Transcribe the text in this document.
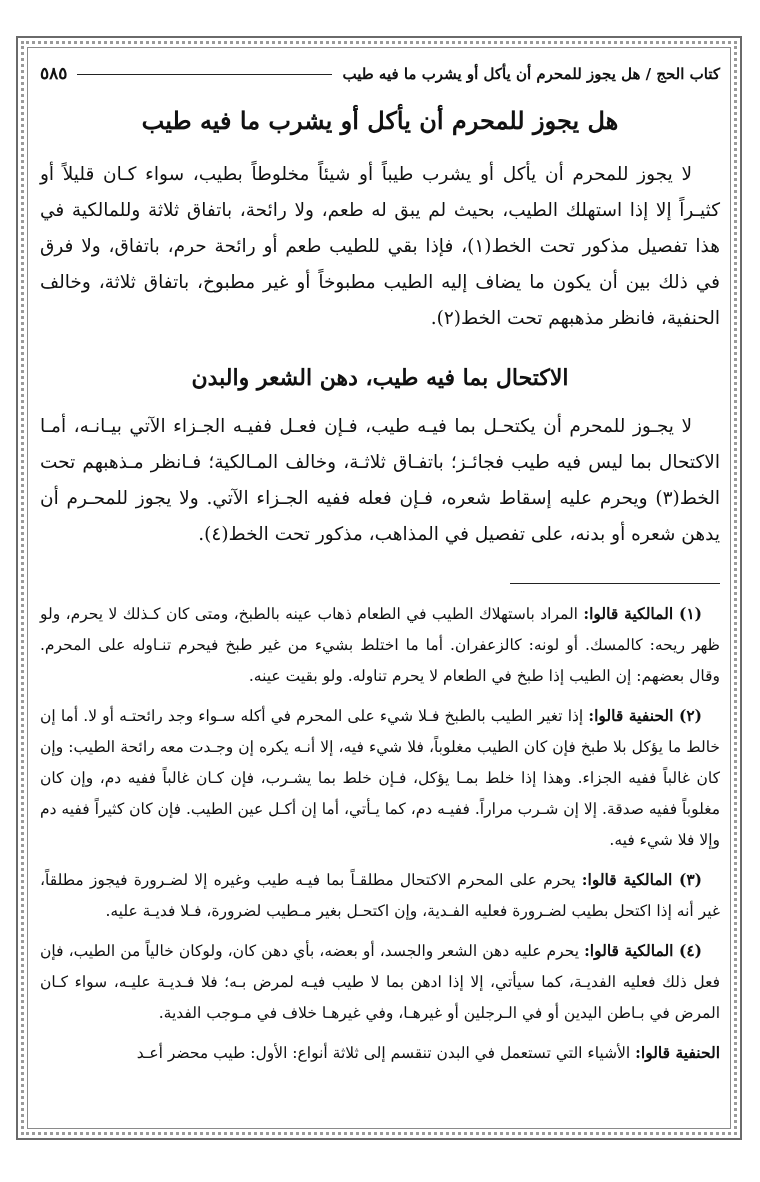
كتاب الحج / هل يجوز للمحرم أن يأكل أو يشرب ما فيه طيب
٥٨٥
هل يجوز للمحرم أن يأكل أو يشرب ما فيه طيب

لا يجوز للمحرم أن يأكل أو يشرب طيباً أو شيئاً مخلوطاً بطيب، سواء كـان قليلاً أو كثيـراً إلا إذا استهلك الطيب، بحيث لم يبق له طعم، ولا رائحة، باتفاق ثلاثة وللمالكية في هذا تفصيل مذكور تحت الخط(١)، فإذا بقي للطيب طعم أو رائحة حرم، باتفاق، ولا فرق في ذلك بين أن يكون ما يضاف إليه الطيب مطبوخاً أو غير مطبوخ، باتفاق ثلاثة، وخالف الحنفية، فانظر مذهبهم تحت الخط(٢).

الاكتحال بما فيه طيب، دهن الشعر والبدن

لا يجـوز للمحرم أن يكتحـل بما فيـه طيب، فـإن فعـل ففيـه الجـزاء الآتي بيـانـه، أمـا الاكتحال بما ليس فيه طيب فجائـز؛ باتفـاق ثلاثـة، وخالف المـالكية؛ فـانظر مـذهبهم تحت الخط(٣) ويحرم عليه إسقاط شعره، فـإن فعله ففيه الجـزاء الآتي. ولا يجوز للمحـرم أن يدهن شعره أو بدنه، على تفصيل في المذاهب، مذكور تحت الخط(٤).

(١) المالكية قالوا: المراد باستهلاك الطيب في الطعام ذهاب عينه بالطبخ، ومتى كان كـذلك لا يحرم، ولو ظهر ريحه: كالمسك. أو لونه: كالزعفران. أما ما اختلط بشيء من غير طبخ فيحرم تنـاوله على المحرم. وقال بعضهم: إن الطيب إذا طبخ في الطعام لا يحرم تناوله. ولو بقيت عينه.

(٢) الحنفية قالوا: إذا تغير الطيب بالطبخ فـلا شيء على المحرم في أكله سـواء وجد رائحتـه أو لا. أما إن خالط ما يؤكل بلا طبخ فإن كان الطيب مغلوباً، فلا شيء فيه، إلا أنـه يكره إن وجـدت معه رائحة الطيب: وإن كان غالباً ففيه الجزاء. وهذا إذا خلط بمـا يؤكل، فـإن خلط بما يشـرب، فإن كـان غالباً ففيه دم، وإن كان مغلوباً ففيه صدقة. إلا إن شـرب مراراً. ففيـه دم، كما يـأتي، أما إن أكـل عين الطيب. فإن كان كثيراً ففيه دم وإلا فلا شيء فيه.

(٣) المالكية قالوا: يحرم على المحرم الاكتحال مطلقـاً بما فيـه طيب وغيره إلا لضـرورة فيجوز مطلقاً، غير أنه إذا اكتحل بطيب لضـرورة فعليه الفـدية، وإن اكتحـل بغير مـطيب لضرورة، فـلا فديـة عليه.

(٤) المالكية قالوا: يحرم عليه دهن الشعر والجسد، أو بعضه، بأي دهن كان، ولوكان خالياً من الطيب، فإن فعل ذلك فعليه الفديـة، كما سيأتي، إلا إذا ادهن بما لا طيب فيـه لمرض بـه؛ فلا فـديـة عليـه، سواء كـان المرض في بـاطن اليدين أو في الـرجلين أو غيرهـا، وفي غيرهـا خلاف في مـوجب الفدية.

الحنفية قالوا: الأشياء التي تستعمل في البدن تنقسم إلى ثلاثة أنواع: الأول: طيب محضر أعـد
